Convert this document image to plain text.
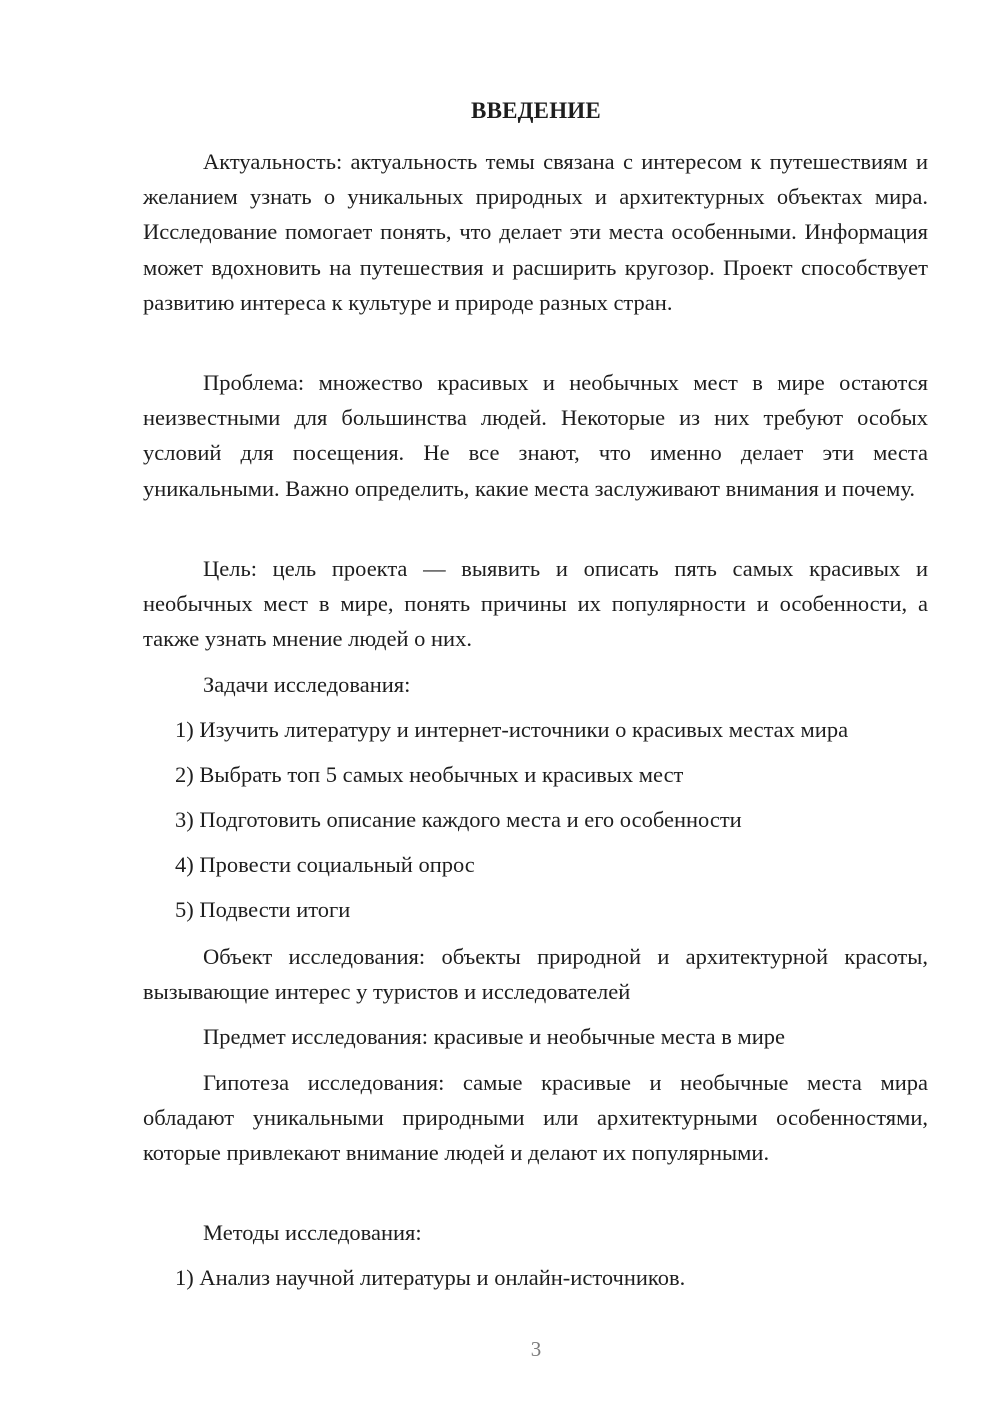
ВВЕДЕНИЕ

Актуальность: актуальность темы связана с интересом к путешествиям и желанием узнать о уникальных природных и архитектурных объектах мира. Исследование помогает понять, что делает эти места особенными. Информация может вдохновить на путешествия и расширить кругозор. Проект способствует развитию интереса к культуре и природе разных стран.

Проблема: множество красивых и необычных мест в мире остаются неизвестными для большинства людей. Некоторые из них требуют особых условий для посещения. Не все знают, что именно делает эти места уникальными. Важно определить, какие места заслуживают внимания и почему.

Цель: цель проекта — выявить и описать пять самых красивых и необычных мест в мире, понять причины их популярности и особенности, а также узнать мнение людей о них.

Задачи исследования:
1) Изучить литературу и интернет-источники о красивых местах мира
2) Выбрать топ 5 самых необычных и красивых мест
3) Подготовить описание каждого места и его особенности
4) Провести социальный опрос
5) Подвести итоги

Объект исследования: объекты природной и архитектурной красоты, вызывающие интерес у туристов и исследователей

Предмет исследования: красивые и необычные места в мире

Гипотеза исследования: самые красивые и необычные места мира обладают уникальными природными или архитектурными особенностями, которые привлекают внимание людей и делают их популярными.

Методы исследования:
1) Анализ научной литературы и онлайн-источников.
3
